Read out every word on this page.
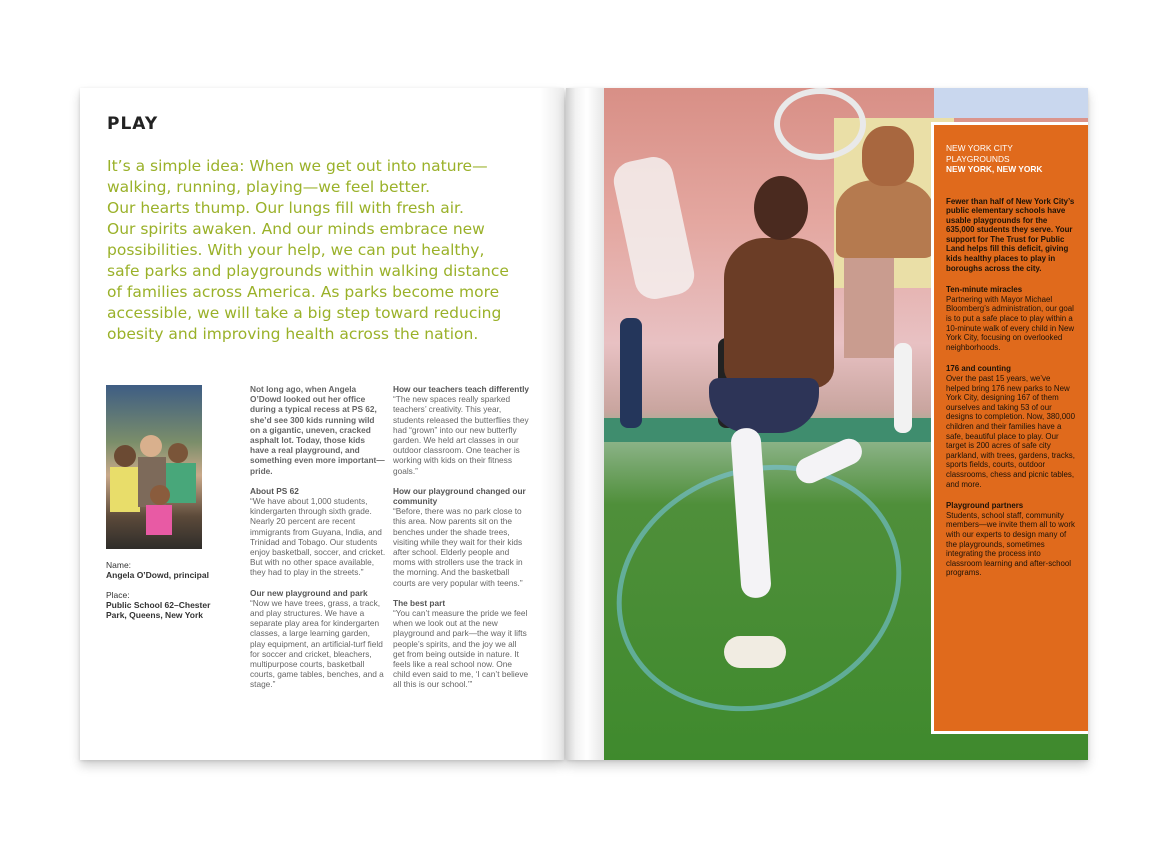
PLAY

It’s a simple idea: When we get out into nature—
walking, running, playing—we feel better.
Our hearts thump. Our lungs fill with fresh air.
Our spirits awaken. And our minds embrace new
possibilities. With your help, we can put healthy,
safe parks and playgrounds within walking distance
of families across America. As parks become more
accessible, we will take a big step toward reducing
obesity and improving health across the nation.

Name:
Angela O’Dowd, principal
Place:
Public School 62–Chester Park, Queens, New York

Not long ago, when Angela O’Dowd looked out her office during a typical recess at PS 62, she’d see 300 kids running wild on a gigantic, uneven, cracked asphalt lot. Today, those kids have a real playground, and something even more important—pride.

About PS 62

“We have about 1,000 students, kindergarten through sixth grade. Nearly 20 percent are recent immigrants from Guyana, India, and Trinidad and Tobago. Our students enjoy basketball, soccer, and cricket. But with no other space available, they had to play in the streets.”

Our new playground and park

“Now we have trees, grass, a track, and play structures. We have a separate play area for kindergarten classes, a large learning garden, play equipment, an artificial-turf field for soccer and cricket, bleachers, multipurpose courts, basketball courts, game tables, benches, and a stage.”

How our teachers teach differently

“The new spaces really sparked teachers’ creativity. This year, students released the butterflies they had “grown” into our new butterfly garden. We held art classes in our outdoor classroom. One teacher is working with kids on their fitness goals.”

How our playground changed our community

“Before, there was no park close to this area. Now parents sit on the benches under the shade trees, visiting while they wait for their kids after school. Elderly people and moms with strollers use the track in the morning. And the basketball courts are very popular with teens.”

The best part

“You can’t measure the pride we feel when we look out at the new playground and park—the way it lifts people’s spirits, and the joy we all get from being outside in nature. It feels like a real school now. One child even said to me, ‘I can’t believe all this is our school.’”

NEW YORK CITY

PLAYGROUNDS

NEW YORK, NEW YORK

Fewer than half of New York City’s public elementary schools have usable playgrounds for the 635,000 students they serve. Your support for The Trust for Public Land helps fill this deficit, giving kids healthy places to play in boroughs across the city.

Ten-minute miracles

Partnering with Mayor Michael Bloomberg’s administration, our goal is to put a safe place to play within a 10-minute walk of every child in New York City, focusing on overlooked neighborhoods.

176 and counting

Over the past 15 years, we’ve helped bring 176 new parks to New York City, designing 167 of them ourselves and taking 53 of our designs to completion. Now, 380,000 children and their families have a safe, beautiful place to play. Our target is 200 acres of safe city parkland, with trees, gardens, tracks, sports fields, courts, outdoor classrooms, chess and picnic tables, and more.

Playground partners

Students, school staff, community members—we invite them all to work with our experts to design many of the playgrounds, sometimes integrating the process into classroom learning and after-school programs.
